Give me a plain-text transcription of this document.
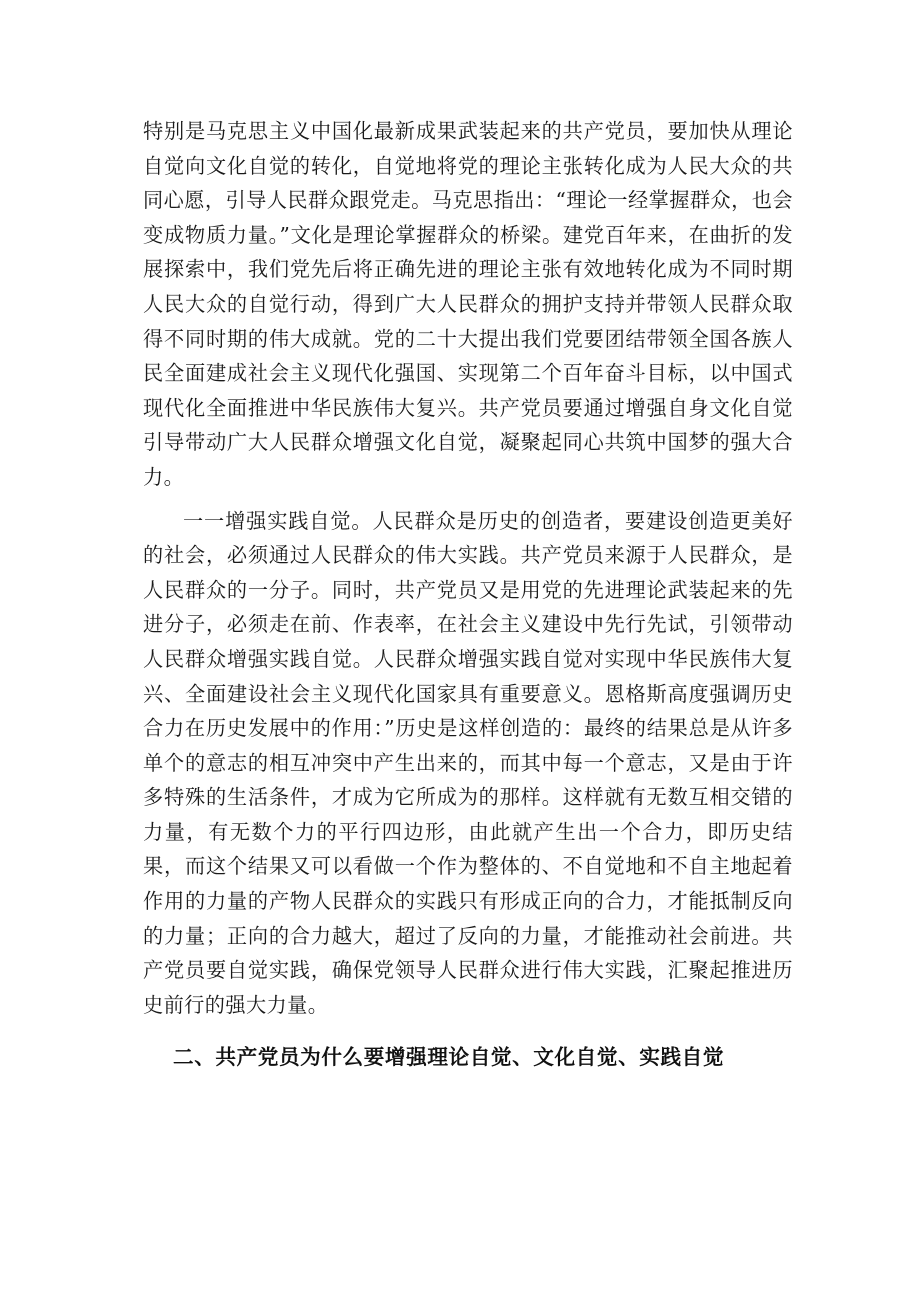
特别是马克思主义中国化最新成果武装起来的共产党员，要加快从理论自觉向文化自觉的转化，自觉地将党的理论主张转化成为人民大众的共同心愿，引导人民群众跟党走。马克思指出：“理论一经掌握群众，也会变成物质力量。”文化是理论掌握群众的桥梁。建党百年来，在曲折的发展探索中，我们党先后将正确先进的理论主张有效地转化成为不同时期人民大众的自觉行动，得到广大人民群众的拥护支持并带领人民群众取得不同时期的伟大成就。党的二十大提出我们党要团结带领全国各族人民全面建成社会主义现代化强国、实现第二个百年奋斗目标，以中国式现代化全面推进中华民族伟大复兴。共产党员要通过增强自身文化自觉引导带动广大人民群众增强文化自觉，凝聚起同心共筑中国梦的强大合力。

一一增强实践自觉。人民群众是历史的创造者，要建设创造更美好的社会，必须通过人民群众的伟大实践。共产党员来源于人民群众，是人民群众的一分子。同时，共产党员又是用党的先进理论武装起来的先进分子，必须走在前、作表率，在社会主义建设中先行先试，引领带动人民群众增强实践自觉。人民群众增强实践自觉对实现中华民族伟大复兴、全面建设社会主义现代化国家具有重要意义。恩格斯高度强调历史合力在历史发展中的作用：”历史是这样创造的：最终的结果总是从许多单个的意志的相互冲突中产生出来的，而其中每一个意志，又是由于许多特殊的生活条件，才成为它所成为的那样。这样就有无数互相交错的力量，有无数个力的平行四边形，由此就产生出一个合力，即历史结果，而这个结果又可以看做一个作为整体的、不自觉地和不自主地起着作用的力量的产物人民群众的实践只有形成正向的合力，才能抵制反向的力量；正向的合力越大，超过了反向的力量，才能推动社会前进。共产党员要自觉实践，确保党领导人民群众进行伟大实践，汇聚起推进历史前行的强大力量。

二、共产党员为什么要增强理论自觉、文化自觉、实践自觉
